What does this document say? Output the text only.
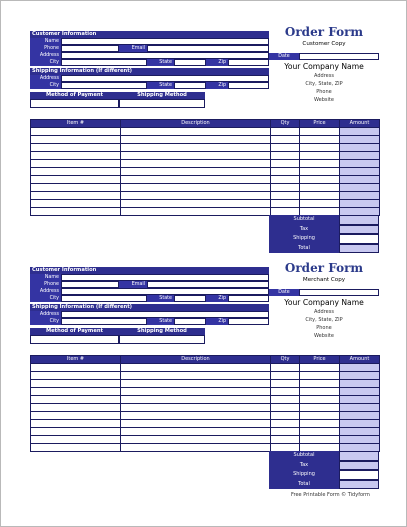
Customer Information
Name
Phone	Email
Address
City	State	Zip
Shipping Information (If different)
Address
City	State	Zip
Method of Payment	Shipping Method
Order Form
Customer Copy
Date
Your Company Name
Address
City, State, ZIP
Phone
Website
Item #	Description	Qty	Price	Amount

Subtotal
Tax
Shipping
Total
Customer Information
Name
Phone	Email
Address
City	State	Zip
Shipping Information (If different)
Address
City	State	Zip
Method of Payment	Shipping Method
Order Form
Merchant Copy
Date
Your Company Name
Address
City, State, ZIP
Phone
Website
Item #	Description	Qty	Price	Amount

Subtotal
Tax
Shipping
Total
Free Printable Form © Tidyform
